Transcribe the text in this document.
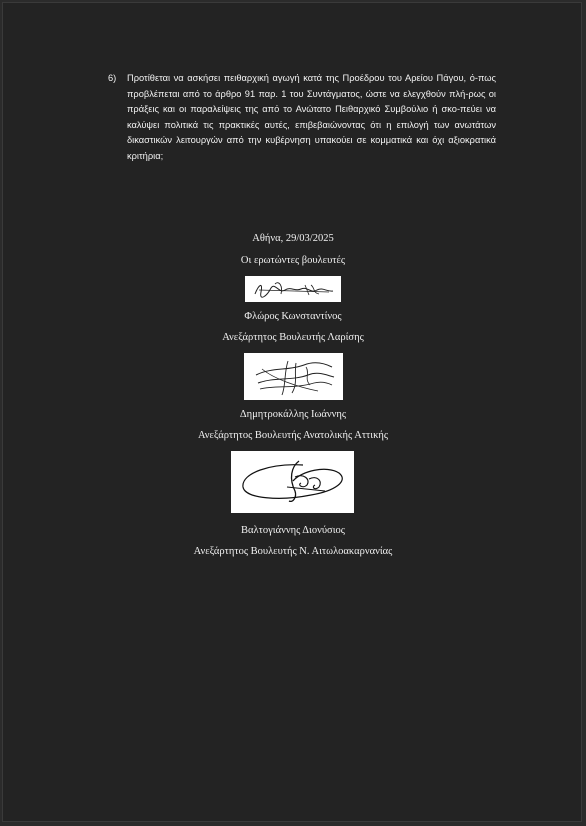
6) Προτίθεται να ασκήσει πειθαρχική αγωγή κατά της Προέδρου του Αρείου Πάγου, ό-πως προβλέπεται από το άρθρο 91 παρ. 1 του Συντάγματος, ώστε να ελεγχθούν πλή-ρως οι πράξεις και οι παραλείψεις της από το Ανώτατο Πειθαρχικό Συμβούλιο ή σκο-πεύει να καλύψει πολιτικά τις πρακτικές αυτές, επιβεβαιώνοντας ότι η επιλογή των ανωτάτων δικαστικών λειτουργών από την κυβέρνηση υπακούει σε κομματικά και όχι αξιοκρατικά κριτήρια;
Αθήνα, 29/03/2025
Οι ερωτώντες βουλευτές
Φλώρος Κωνσταντίνος
Ανεξάρτητος Βουλευτής Λαρίσης
Δημητροκάλλης Ιωάννης
Ανεξάρτητος Βουλευτής Ανατολικής Αττικής
Βαλτογιάννης Διονύσιος
Ανεξάρτητος Βουλευτής Ν. Αιτωλοακαρνανίας
